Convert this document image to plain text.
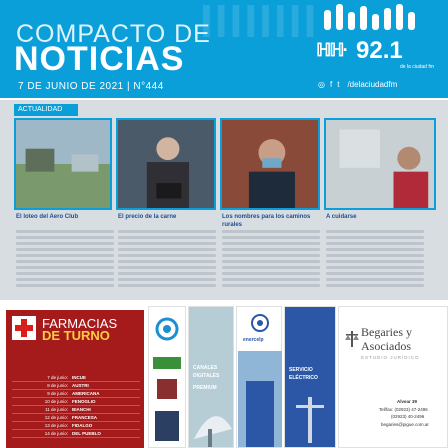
IIIIIIII
COMPACTO DE
NOTICIAS
7 DE JUNIO DE 2021 | N°444
ℍℍ· 92.1
de la ciudad fm
◎ f t /delaciudadfm
ACTUALIDAD
El loteo del Aero Club	El precio de la carne	Los nombres para los caminos rurales
A cuidarse
FARMACIAS
DE TURNO
7 de junio: INCUE
8 de junio: AUSTRI
9 de junio: AMERICANA
10 de junio: FENOGLIO
11 de junio: BIANCHI
12 de junio: FRANCESA
13 de junio: FIDALGO
14 de junio: DEL PUEBLO
CANALES
DIGITALES
PREMIUM
enercelp
SERVICIO
ELÉCTRICO
Begaries y
Asociados
ESTUDIO JURÍDICO
Alvear 39
Tel/fax: (02923) 47-2496
(02923) 40-2496
begaries@pigue.com.ar
